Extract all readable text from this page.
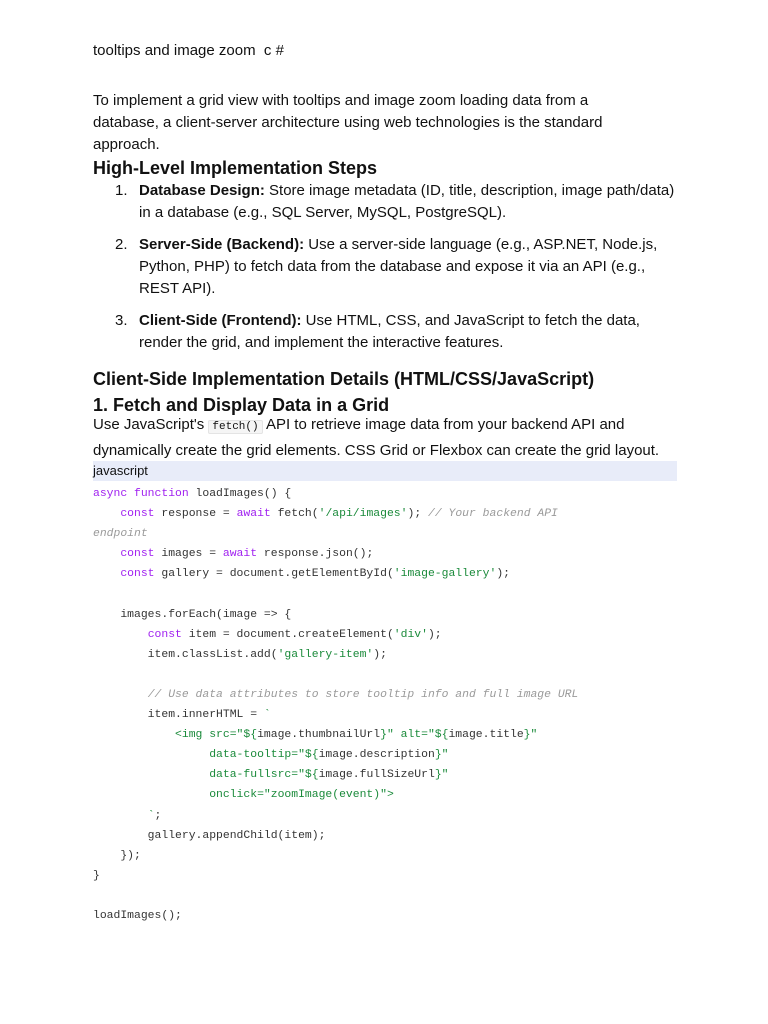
tooltips and image zoom  c #
To implement a grid view with tooltips and image zoom loading data from a database, a client-server architecture using web technologies is the standard approach.
High-Level Implementation Steps
1. Database Design: Store image metadata (ID, title, description, image path/data) in a database (e.g., SQL Server, MySQL, PostgreSQL).
2. Server-Side (Backend): Use a server-side language (e.g., ASP.NET, Node.js, Python, PHP) to fetch data from the database and expose it via an API (e.g., REST API).
3. Client-Side (Frontend): Use HTML, CSS, and JavaScript to fetch the data, render the grid, and implement the interactive features.
Client-Side Implementation Details (HTML/CSS/JavaScript)
1. Fetch and Display Data in a Grid
Use JavaScript's fetch() API to retrieve image data from your backend API and dynamically create the grid elements. CSS Grid or Flexbox can create the grid layout.
javascript
async function loadImages() {
const response = await fetch('/api/images'); // Your backend API
endpoint
const images = await response.json();
const gallery = document.getElementById('image-gallery');
images.forEach(image => {
const item = document.createElement('div');
item.classList.add('gallery-item');
// Use data attributes to store tooltip info and full image URL
item.innerHTML = `
<img src="${image.thumbnailUrl}" alt="${image.title}"
data-tooltip="${image.description}"
data-fullsrc="${image.fullSizeUrl}"
onclick="zoomImage(event)">
`;
gallery.appendChild(item);
});
}
loadImages();
